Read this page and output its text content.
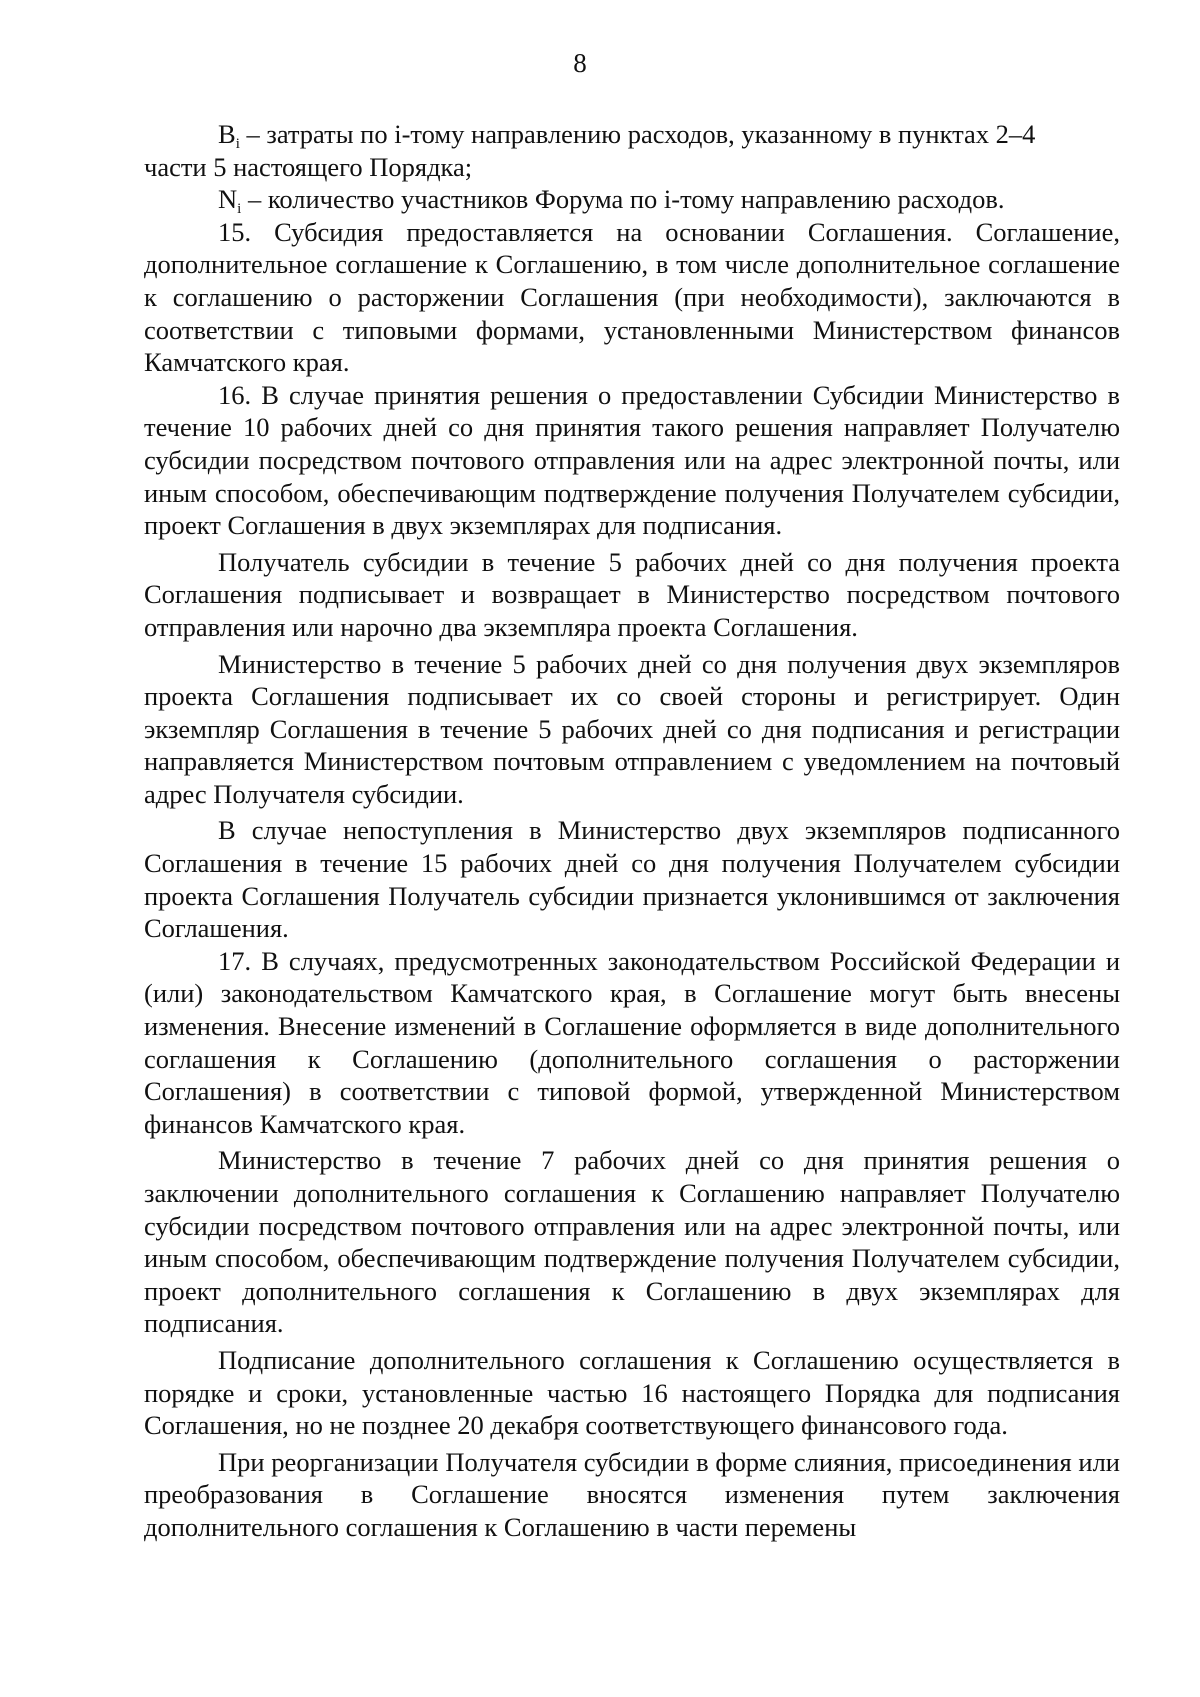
8

$B_i$ – затраты по i-тому направлению расходов, указанному в пунктах 2–4
части 5 настоящего Порядка;

$N_i$ – количество участников Форума по i-тому направлению расходов.

15. Субсидия предоставляется на основании Соглашения. Соглашение, дополнительное соглашение к Соглашению, в том числе дополнительное соглашение к соглашению о расторжении Соглашения (при необходимости), заключаются в соответствии с типовыми формами, установленными Министерством финансов Камчатского края.

16. В случае принятия решения о предоставлении Субсидии Министерство в течение 10 рабочих дней со дня принятия такого решения направляет Получателю субсидии посредством почтового отправления или на адрес электронной почты, или иным способом, обеспечивающим подтверждение получения Получателем субсидии, проект Соглашения в двух экземплярах для подписания.

Получатель субсидии в течение 5 рабочих дней со дня получения проекта Соглашения подписывает и возвращает в Министерство посредством почтового отправления или нарочно два экземпляра проекта Соглашения.

Министерство в течение 5 рабочих дней со дня получения двух экземпляров проекта Соглашения подписывает их со своей стороны и регистрирует. Один экземпляр Соглашения в течение 5 рабочих дней со дня подписания и регистрации направляется Министерством почтовым отправлением с уведомлением на почтовый адрес Получателя субсидии.

В случае непоступления в Министерство двух экземпляров подписанного Соглашения в течение 15 рабочих дней со дня получения Получателем субсидии проекта Соглашения Получатель субсидии признается уклонившимся от заключения Соглашения.

17. В случаях, предусмотренных законодательством Российской Федерации и (или) законодательством Камчатского края, в Соглашение могут быть внесены изменения. Внесение изменений в Соглашение оформляется в виде дополнительного соглашения к Соглашению (дополнительного соглашения о расторжении Соглашения) в соответствии с типовой формой, утвержденной Министерством финансов Камчатского края.

Министерство в течение 7 рабочих дней со дня принятия решения о заключении дополнительного соглашения к Соглашению направляет Получателю субсидии посредством почтового отправления или на адрес электронной почты, или иным способом, обеспечивающим подтверждение получения Получателем субсидии, проект дополнительного соглашения к Соглашению в двух экземплярах для подписания.

Подписание дополнительного соглашения к Соглашению осуществляется в порядке и сроки, установленные частью 16 настоящего Порядка для подписания Соглашения, но не позднее 20 декабря соответствующего финансового года.

При реорганизации Получателя субсидии в форме слияния, присоединения или преобразования в Соглашение вносятся изменения путем заключения дополнительного соглашения к Соглашению в части перемены
